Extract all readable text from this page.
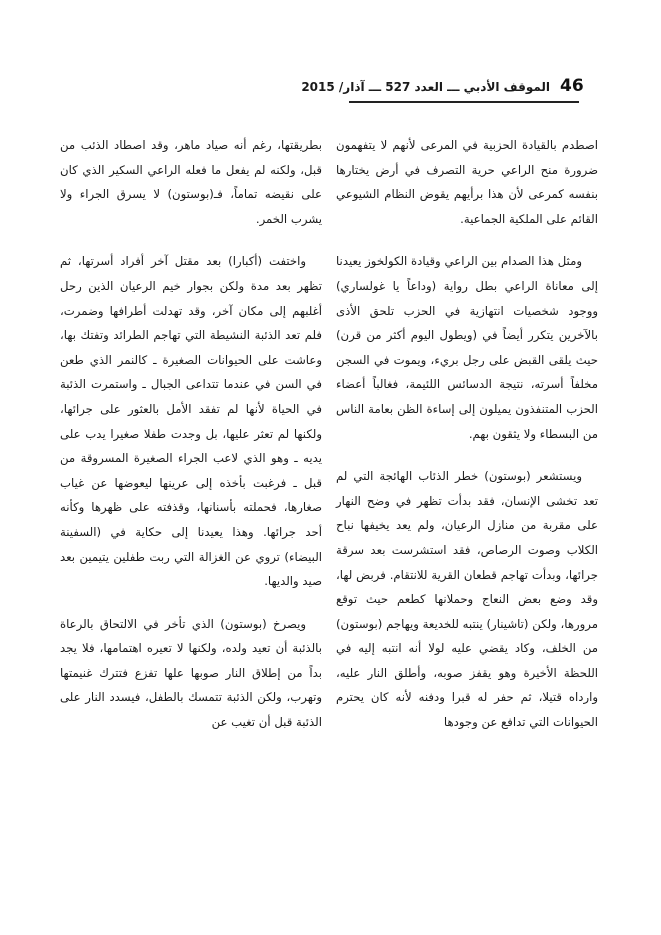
46
الموقف الأدبي ـــ العدد 527 ـــ آذار/ 2015

اصطدم بالقيادة الحزبية في المرعى لأنهم لا يتفهمون ضرورة منح الراعي حرية التصرف في أرض يختارها بنفسه كمرعى لأن هذا برأيهم يقوض النظام الشيوعي القائم على الملكية الجماعية.

ومثل هذا الصدام بين الراعي وقيادة الكولخوز يعيدنا إلى معاناة الراعي بطل رواية (وداعاً يا غولساري) ووجود شخصيات انتهازية في الحزب تلحق الأذى بالآخرين يتكرر أيضاً في (ويطول اليوم أكثر من قرن) حيث يلقى القبض على رجل بريء، ويموت في السجن مخلفاً أسرته، نتيجة الدسائس اللئيمة، فغالباً أعضاء الحزب المتنفذون يميلون إلى إساءة الظن بعامة الناس من البسطاء ولا يثقون بهم.

ويستشعر (بوستون) خطر الذئاب الهائجة التي لم تعد تخشى الإنسان، فقد بدأت تظهر في وضح النهار على مقربة من منازل الرعيان، ولم يعد يخيفها نباح الكلاب وصوت الرصاص، فقد استشرست بعد سرقة جرائها، وبدأت تهاجم قطعان القرية للانتقام. فربض لها، وقد وضع بعض النعاج وحملانها كطعم حيث توقع مرورها، ولكن (تاشينار) ينتبه للخديعة ويهاجم (بوستون) من الخلف، وكاد يقضي عليه لولا أنه انتبه إليه في اللحظة الأخيرة وهو يقفز صوبه، وأطلق النار عليه، وارداه قتيلا، ثم حفر له قبرا ودفنه لأنه كان يحترم الحيوانات التي تدافع عن وجودها

بطريقتها، رغم أنه صياد ماهر، وقد اصطاد الذئب من قبل، ولكنه لم يفعل ما فعله الراعي السكير الذي كان على نقيضه تماماً، فـ(بوستون) لا يسرق الجراء ولا يشرب الخمر.

واختفت (أكبارا) بعد مقتل آخر أفراد أسرتها، ثم تظهر بعد مدة ولكن بجوار خيم الرعيان الذين رحل أغلبهم إلى مكان آخر، وقد تهدلت أطرافها وضمرت، فلم تعد الذئبة النشيطة التي تهاجم الطرائد وتفتك بها، وعاشت على الحيوانات الصغيرة ـ كالنمر الذي طعن في السن في عندما تتداعى الجبال ـ واستمرت الذئبة في الحياة لأنها لم تفقد الأمل بالعثور على جرائها، ولكنها لم تعثر عليها، بل وجدت طفلا صغيرا يدب على يديه ـ وهو الذي لاعب الجراء الصغيرة المسروقة من قبل ـ فرغبت بأخذه إلى عرينها ليعوضها عن غياب صغارها، فحملته بأسنانها، وقذفته على ظهرها وكأنه أحد جرائها. وهذا يعيدنا إلى حكاية في (السفينة البيضاء) تروي عن الغزالة التي ربت طفلين يتيمين بعد صيد والديها.

ويصرخ (بوستون) الذي تأخر في الالتحاق بالرعاة بالذئبة أن تعيد ولده، ولكنها لا تعيره اهتمامها، فلا يجد بداً من إطلاق النار صوبها علها تفزع فتترك غنيمتها وتهرب، ولكن الذئبة تتمسك بالطفل، فيسدد النار على الذئبة قبل أن تغيب عن
